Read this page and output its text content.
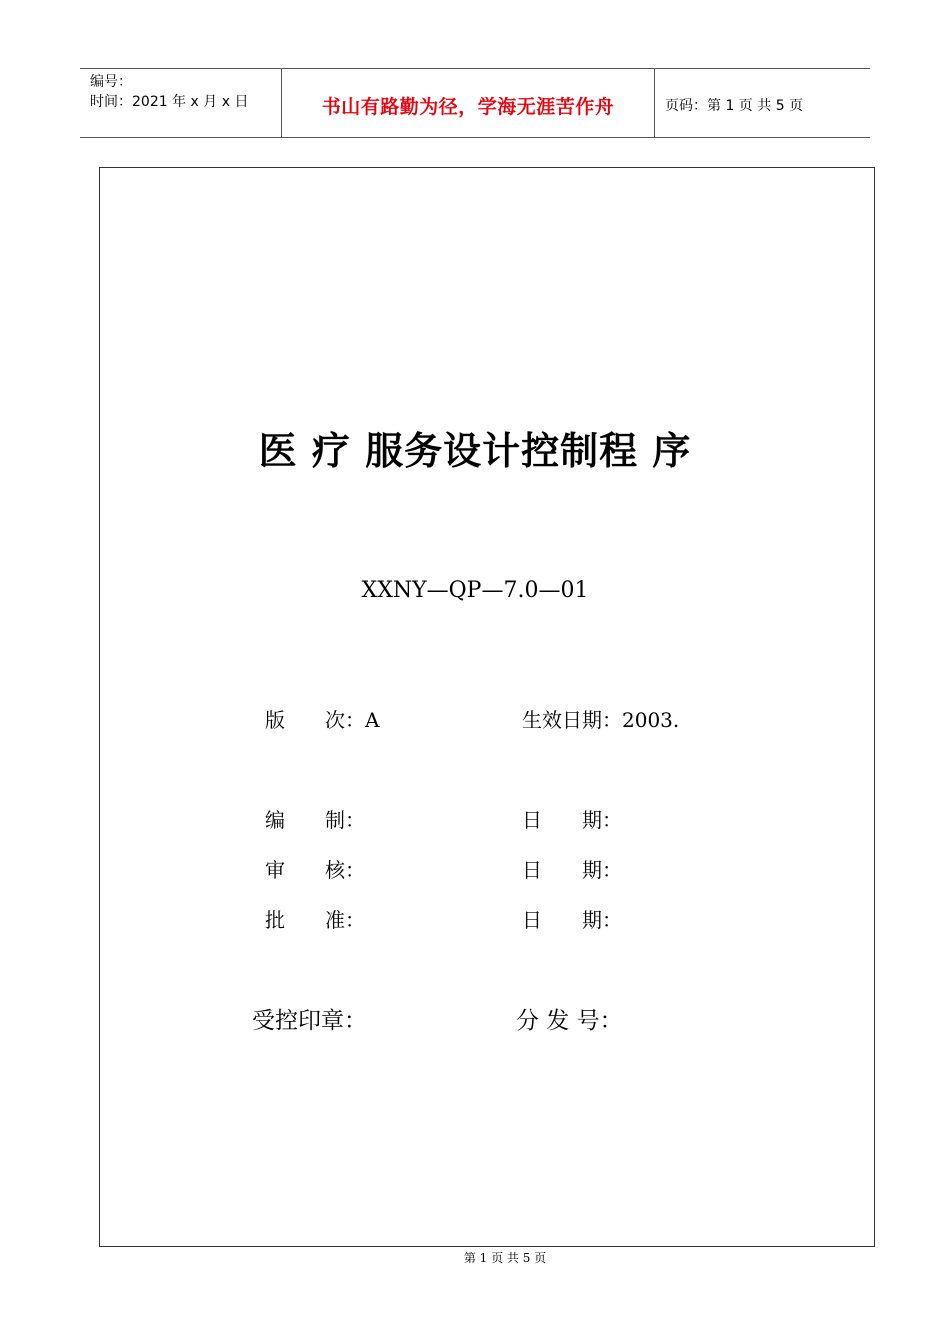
编号：
时间：2021 年 x 月 x 日	书山有路勤为径，学海无涯苦作舟	页码：第 1 页 共 5 页
医 疗 服务设计控制程 序
XXNY—QP—7.0—01
版　　次：A	生效日期：2003.
编　　制：	日　　期：
审　　核：	日　　期：
批　　准：	日　　期：
受控印章：	分 发 号：
第 1 页 共 5 页
